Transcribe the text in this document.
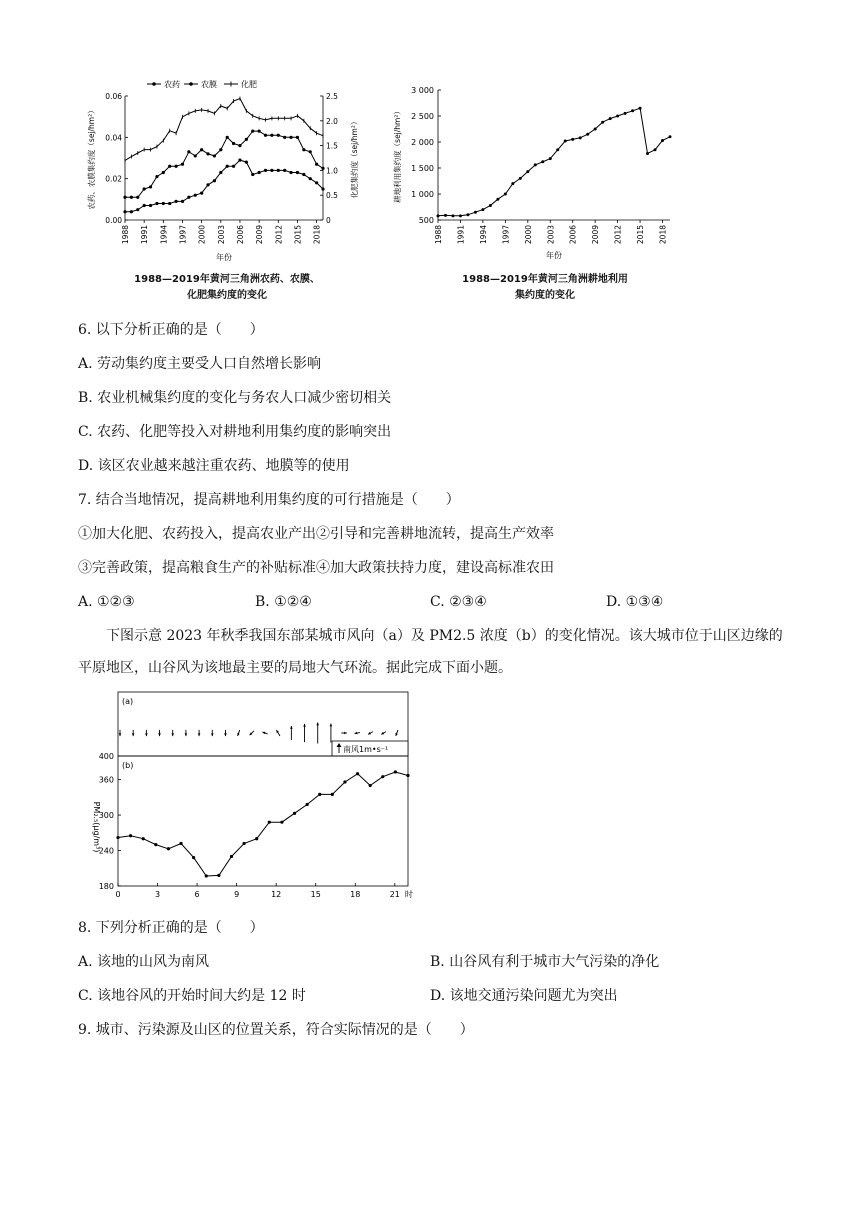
0.00
0.02
0.04
0.06
0
0.5
1.0
1.5
2.0
2.5
1988 1991 1994 1997 2000 2003 2006 2009 2012 2015 2018
年份
农药、农膜集约度（sej/hm²）	化肥集约度（sej/hm²）
农药	农膜	化肥
1988—2019年黄河三角洲农药、农膜、
化肥集约度的变化
500
1 000
1 500
2 000
2 500
3 000
1988 1991 1994 1997 2000 2003 2006 2009 2012 2015 2018
年份
耕地利用集约度（sej/hm²）
1988—2019年黄河三角洲耕地利用
集约度的变化
6. 以下分析正确的是（　　）
A. 劳动集约度主要受人口自然增长影响
B. 农业机械集约度的变化与务农人口减少密切相关
C. 农药、化肥等投入对耕地利用集约度的影响突出
D. 该区农业越来越注重农药、地膜等的使用
7. 结合当地情况，提高耕地利用集约度的可行措施是（　　）
①加大化肥、农药投入，提高农业产出②引导和完善耕地流转，提高生产效率
③完善政策，提高粮食生产的补贴标准④加大政策扶持力度，建设高标准农田
A. ①②③	B. ①②④	C. ②③④	D. ①③④
下图示意 2023 年秋季我国东部某城市风向（a）及 PM2.5 浓度（b）的变化情况。该大城市位于山区边缘的平原地区，山谷风为该地最主要的局地大气环流。据此完成下面小题。
(a)
南风1m•s⁻¹
(b)
180
240
300
360
400
PM₂.₅(μg/m³)
0	3	6	9	12	15	18	21 时
8. 下列分析正确的是（　　）
A. 该地的山风为南风	B. 山谷风有利于城市大气污染的净化
C. 该地谷风的开始时间大约是 12 时	D. 该地交通污染问题尤为突出
9. 城市、污染源及山区的位置关系，符合实际情况的是（　　）
